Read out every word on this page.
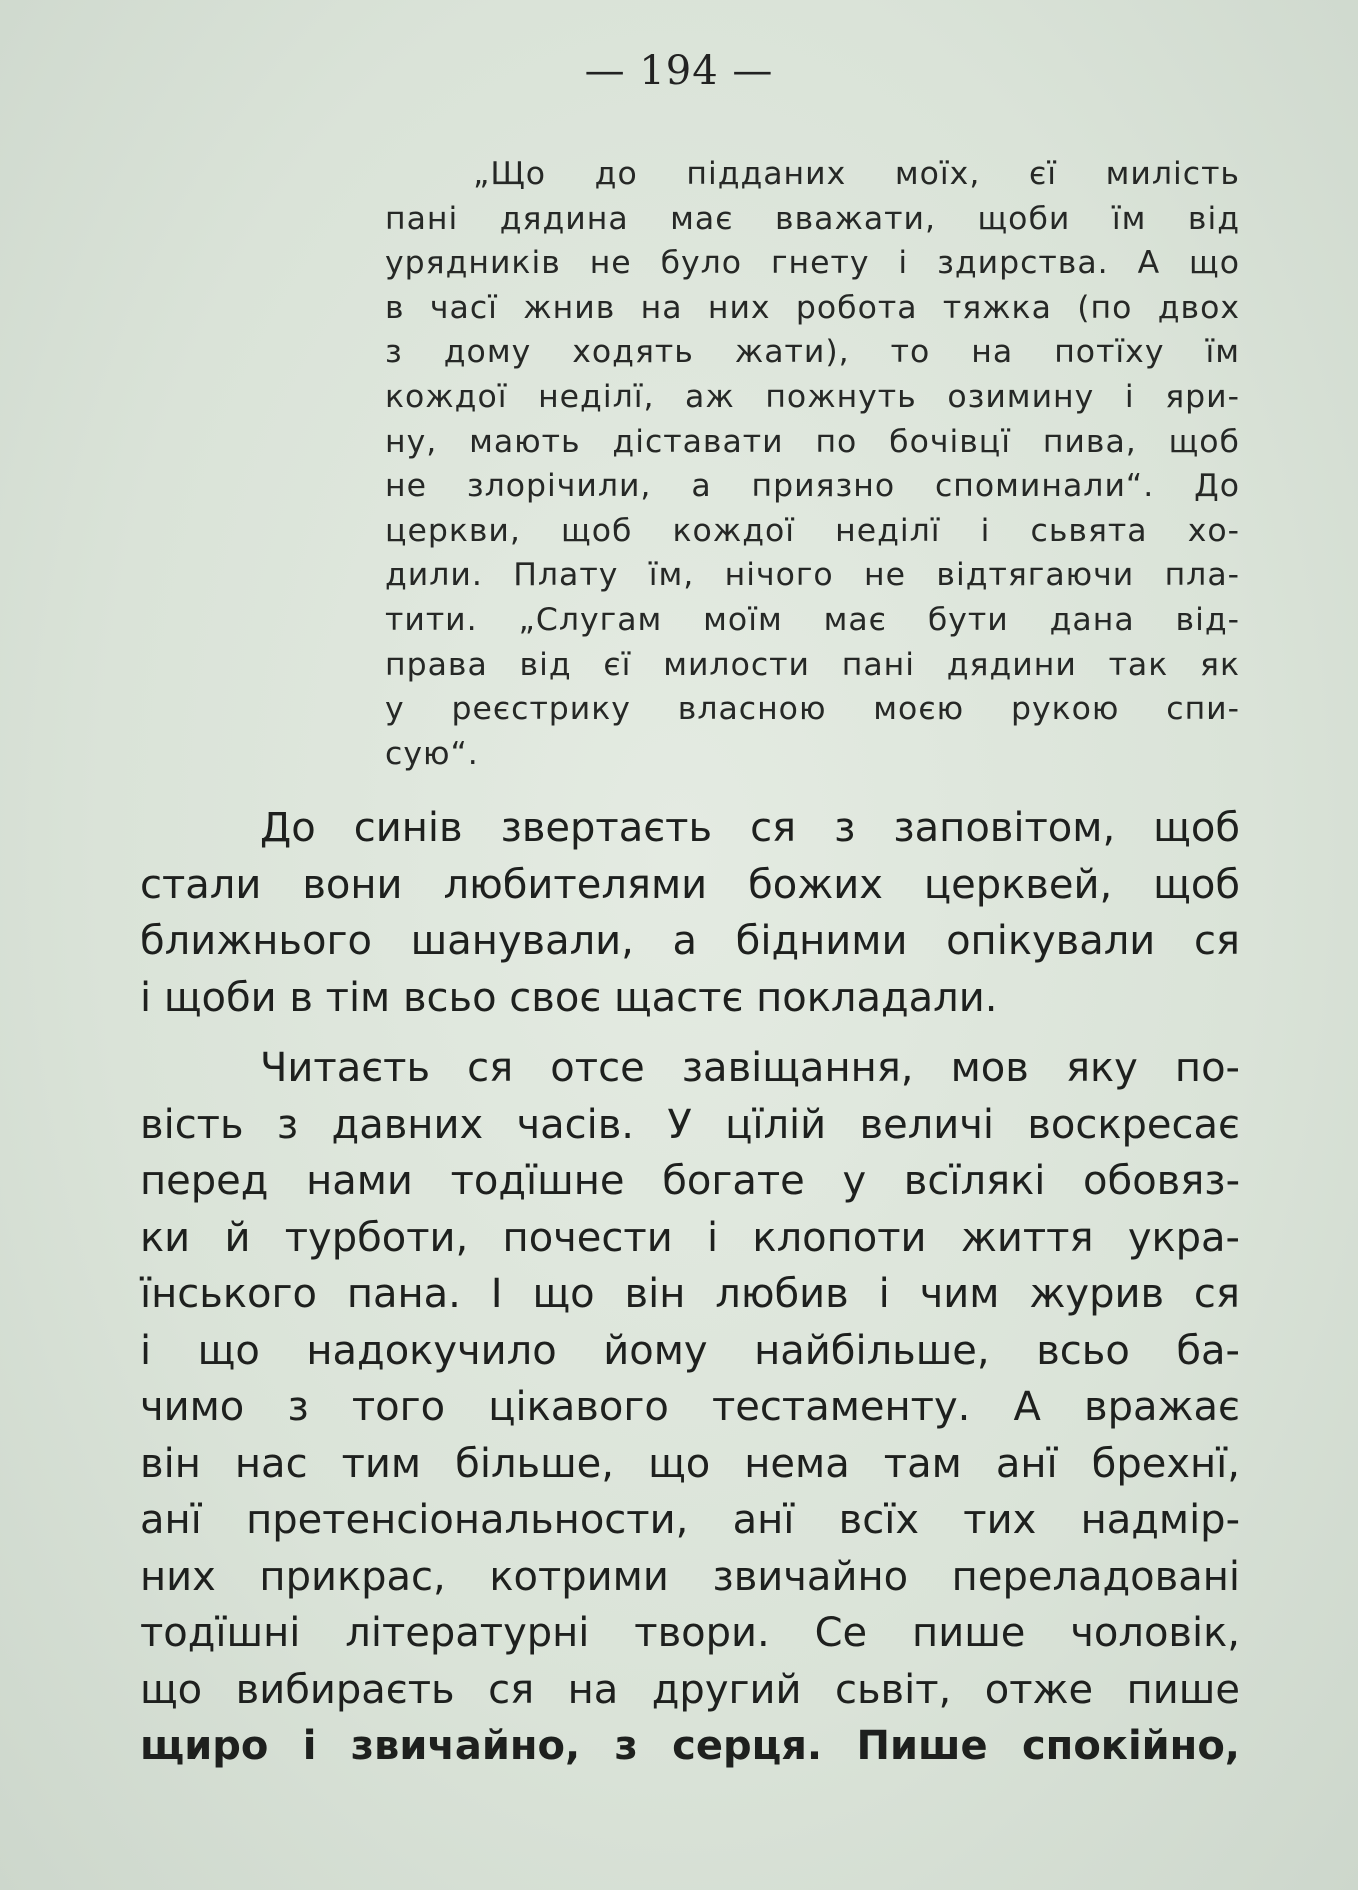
— 194 —
„Що до підданих моїх, єї милість
пані дядина має вважати, щоби їм від
урядників не було гнету і здирства. А що
в часї жнив на них робота тяжка (по двох
з дому ходять жати), то на потїху їм
кождої неділї, аж пожнуть озимину і яри-
ну, мають діставати по бочівцї пива, щоб
не злорічили, а приязно споминали“. До
церкви, щоб кождої неділї і сьвята хо-
дили. Плату їм, нічого не відтягаючи пла-
тити. „Слугам моїм має бути дана від-
права від єї милости пані дядини так як
у реєстрику власною моєю рукою спи-
сую“.
До синів звертаєть ся з заповітом, щоб
стали вони любителями божих церквей, щоб
ближнього шанували, а бідними опікували ся
і щоби в тім всьо своє щастє покладали.
Читаєть ся отсе завіщання, мов яку по-
вість з давних часів. У цїлій величі воскресає
перед нами тодїшне богате у всїлякі обовяз-
ки й турботи, почести і клопоти життя укра-
їнського пана. І що він любив і чим журив ся
і що надокучило йому найбільше, всьо ба-
чимо з того цікавого тестаменту. А вражає
він нас тим більше, що нема там анї брехнї,
анї претенсіональности, анї всїх тих надмір-
них прикрас, котрими звичайно переладовані
тодїшні літературні твори. Се пише чоловік,
що вибираєть ся на другий сьвіт, отже пише
щиро і звичайно, з серця. Пише спокійно,
